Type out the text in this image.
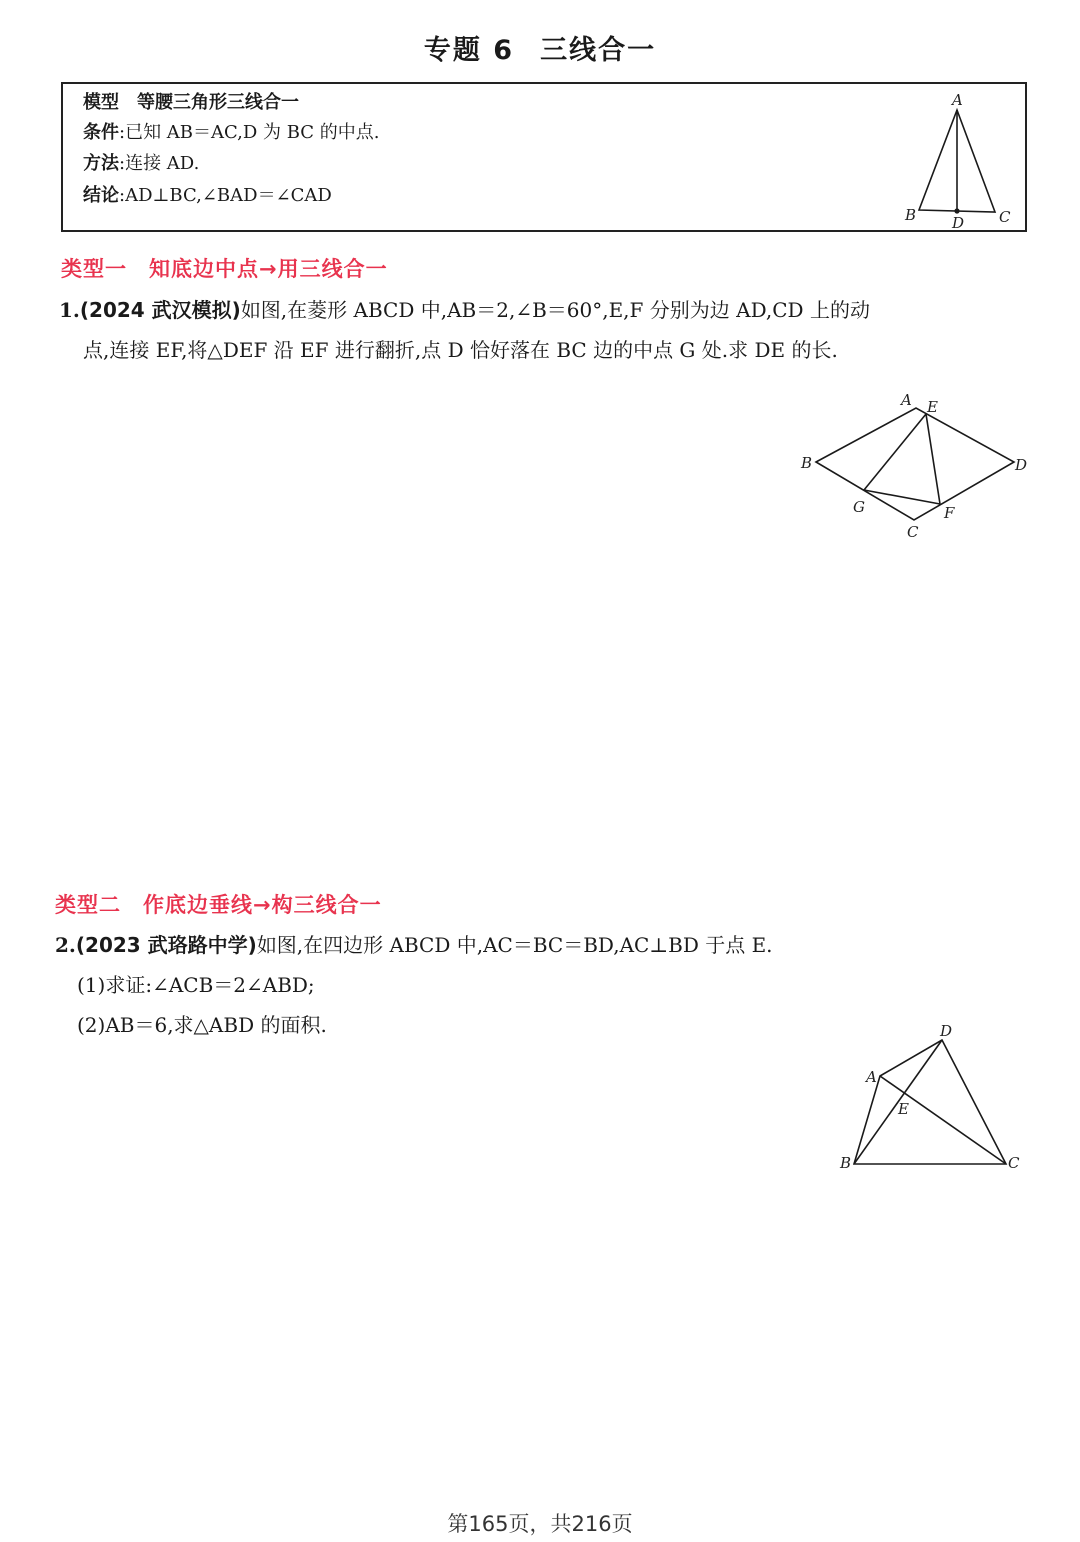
专题 6 三线合一
模型 等腰三角形三线合一
条件:已知 AB＝AC,D 为 BC 的中点.
方法:连接 AD.
结论:AD⊥BC,∠BAD＝∠CAD
A
B	C
D
类型一 知底边中点→用三线合一
1.(2024 武汉模拟)如图,在菱形 ABCD 中,AB＝2,∠B＝60°,E,F 分别为边 AD,CD 上的动
点,连接 EF,将△DEF 沿 EF 进行翻折,点 D 恰好落在 BC 边的中点 G 处.求 DE 的长.
A E
B	D
G	F
C
类型二 作底边垂线→构三线合一
2.(2023 武珞路中学)如图,在四边形 ABCD 中,AC＝BC＝BD,AC⊥BD 于点 E.
(1)求证:∠ACB＝2∠ABD;
(2)AB＝6,求△ABD 的面积.	D
A
E
B	C
第165页，共216页
